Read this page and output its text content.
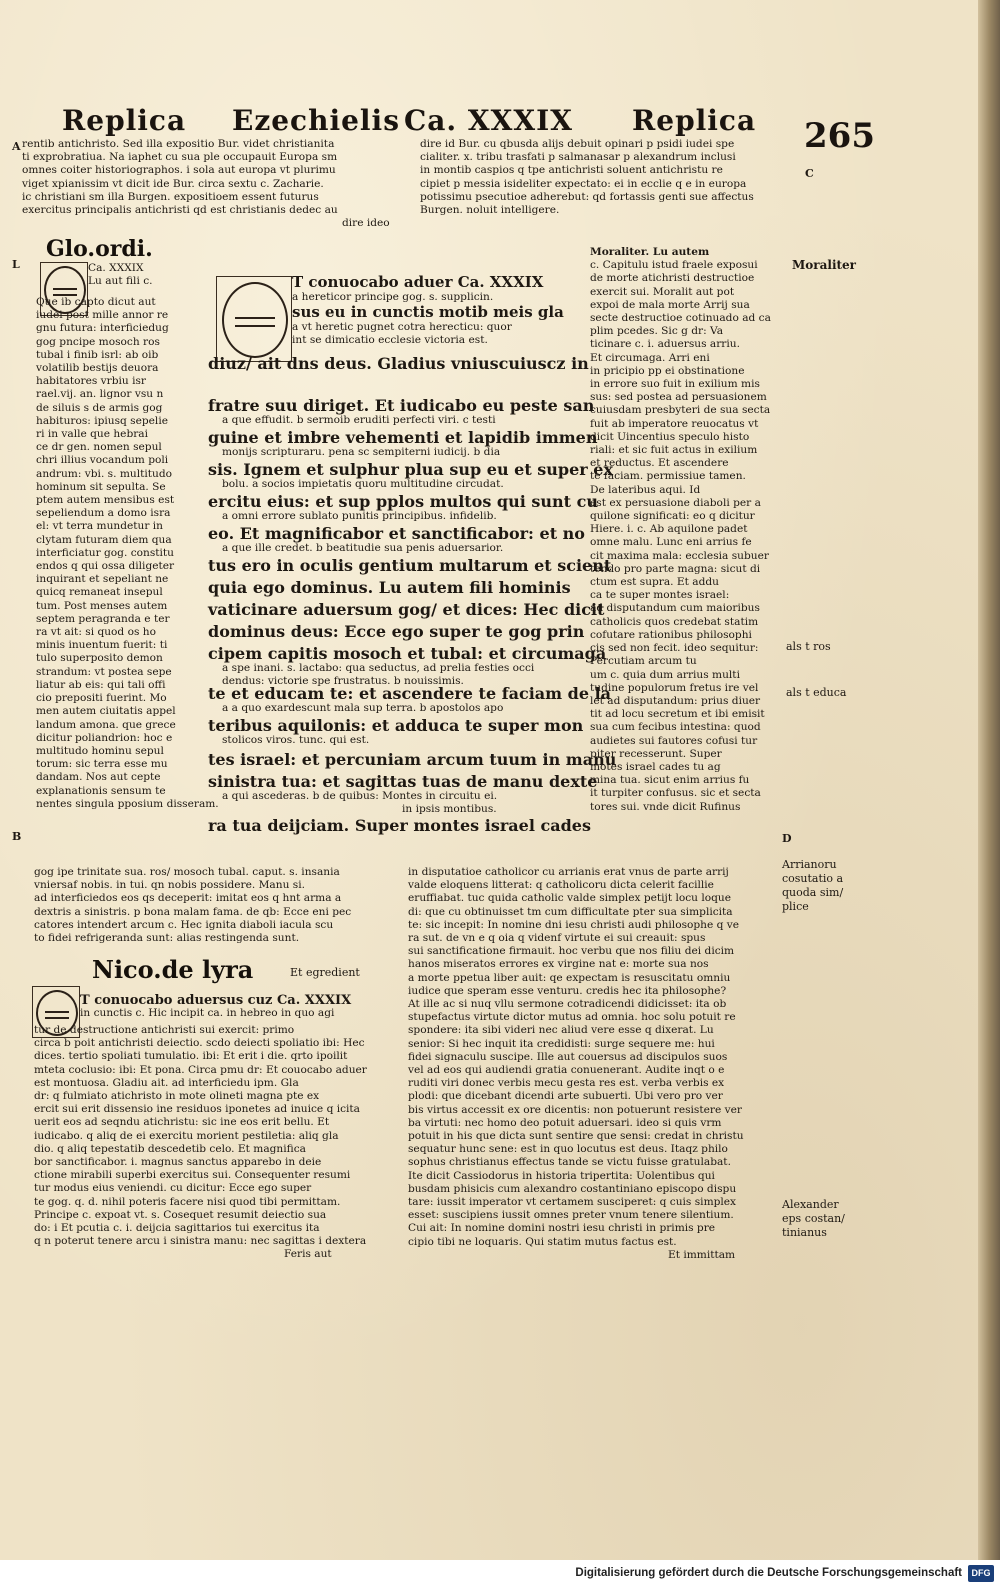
Replica Ezechielis Ca. XXXIX Replica 265

rentib antichristo. Sed illa expositio Bur. videt christianita

ti exprobratiua. Na iaphet cu sua ple occupauit Europa sm

omnes coiter historiographos. i sola aut europa vt plurimu

viget xpianissim vt dicit ide Bur. circa sextu c. Zacharie.

ic christiani sm illa Burgen. expositioem essent futurus

exercitus principalis antichristi qd est christianis dedec au

dire ideo

dire id Bur. cu qbusda alijs debuit opinari p psidi iudei spe

cialiter. x. tribu trasfati p salmanasar p alexandrum inclusi

in montib caspios q tpe antichristi soluent antichristu re

cipiet p messia isideliter expectato: ei in ecclie q e in europa

potissimu psecutioe adherebut: qd fortassis genti sue affectus

Burgen. noluit intelligere.

A
C
L
B	D
Glo.ordi.

Ca. XXXIX

Lu aut fili c.

Que ib capto dicut aut

iudei post mille annor re

gnu futura: interficiedug

gog pncipe mosoch ros

tubal i finib isrl: ab oib

volatilib bestijs deuora

habitatores vrbiu isr

rael.vij. an. lignor vsu n

de siluis s de armis gog

habituros: ipiusq sepelie

ri in valle que hebrai

ce dr gen. nomen sepul

chri illius vocandum poli

andrum: vbi. s. multitudo

hominum sit sepulta. Se

ptem autem mensibus est

sepeliendum a domo isra

el: vt terra mundetur in

clytam futuram diem qua

interficiatur gog. constitu

endos q qui ossa diligeter

inquirant et sepeliant ne

quicq remaneat insepul

tum. Post menses autem

septem peragranda e ter

ra vt ait: si quod os ho

minis inuentum fuerit: ti

tulo superposito demon

strandum: vt postea sepe

liatur ab eis: qui tali offi

cio prepositi fuerint. Mo

men autem ciuitatis appel

landum amona. que grece

dicitur poliandrion: hoc e

multitudo hominu sepul

torum: sic terra esse mu

dandam. Nos aut cepte

explanationis sensum te

nentes singula pposium disseram.

T conuocabo aduer Ca. XXXIX

a hereticor principe gog. s. supplicin.

sus eu in cunctis motib meis gla

a vt heretic pugnet cotra herecticu: quor

int se dimicatio ecclesie victoria est.

diuz/ ait dns deus. Gladius vniuscuiuscz in

fratre suu diriget. Et iudicabo eu peste san

a que effudit. b sermoib eruditi perfecti viri. c testi

guine et imbre vehementi et lapidib immen

monijs scripturaru. pena sc sempiterni iudicij. b dia

sis. Ignem et sulphur plua sup eu et super ex

bolu. a socios impietatis quoru multitudine circudat.

ercitu eius: et sup pplos multos qui sunt cu

a omni errore sublato punitis principibus. infidelib.

eo. Et magnificabor et sanctificabor: et no

a que ille credet. b beatitudie sua penis aduersarior.

tus ero in oculis gentium multarum et scient

quia ego dominus. Lu autem fili hominis

vaticinare aduersum gog/ et dices: Hec dicit

dominus deus: Ecce ego super te gog prin

cipem capitis mosoch et tubal: et circumaga

a spe inani. s. lactabo: qua seductus, ad prelia festies occi

dendus: victorie spe frustratus. b nouissimis.

te et educam te: et ascendere te faciam de la

a a quo exardescunt mala sup terra. b apostolos apo

teribus aquilonis: et adduca te super mon

stolicos viros. tunc. qui est.

tes israel: et percuniam arcum tuum in manu

sinistra tua: et sagittas tuas de manu dexte

a qui ascederas. b de quibus: Montes in circuitu ei.

in ipsis montibus.

ra tua deijciam. Super montes israel cades

Moraliter. Lu autem

c. Capitulu istud fraele exposui

de morte atichristi destructioe

exercit sui. Moralit aut pot

expoi de mala morte Arrij sua

secte destructioe cotinuado ad ca

plim pcedes. Sic g dr: Va

ticinare c. i. aduersus arriu.

Et circumaga. Arri eni

in pricipio pp ei obstinatione

in errore suo fuit in exilium mis

sus: sed postea ad persuasionem

cuiusdam presbyteri de sua secta

fuit ab imperatore reuocatus vt

dicit Uincentius speculo histo

riali: et sic fuit actus in exilium

et reductus. Et ascendere

te faciam. permissiue tamen.

De lateribus aqui. Id

est ex persuasione diaboli per a

quilone significati: eo q dicitur

Hiere. i. c. Ab aquilone padet

omne malu. Lunc eni arrius fe

cit maxima mala: ecclesia subuer

tendo pro parte magna: sicut di

ctum est supra. Et addu

ca te super montes israel:

ad disputandum cum maioribus

catholicis quos credebat statim

cofutare rationibus philosophi

cis sed non fecit. ideo sequitur:

Percutiam arcum tu

um c. quia dum arrius multi

tudine populorum fretus ire vel

let ad disputandum: prius diuer

tit ad locu secretum et ibi emisit

sua cum fecibus intestina: quod

audietes sui fautores cofusi tur

piter recesserunt. Super

motes israel cades tu ag

mina tua. sicut enim arrius fu

it turpiter confusus. sic et secta

tores sui. vnde dicit Rufinus

Moraliter
als t ros
als t educa
Arrianoru cosutatio a quoda sim/ plice
Alexander eps costan/ tinianus

gog ipe trinitate sua. ros/ mosoch tubal. caput. s. insania

vniersaf nobis. in tui. qn nobis possidere. Manu si.

ad interficiedos eos qs deceperit: imitat eos q hnt arma a

dextris a sinistris. p bona malam fama. de qb: Ecce eni pec

catores intendert arcum c. Hec ignita diaboli iacula scu

to fidei refrigeranda sunt: alias restingenda sunt.

Nico.de lyra	Et egredient

T conuocabo aduersus cuz Ca. XXXIX

in cunctis c. Hic incipit ca. in hebreo in quo agi

tur de destructione antichristi sui exercit: primo

circa b poit antichristi deiectio. scdo deiecti spoliatio ibi: Hec

dices. tertio spoliati tumulatio. ibi: Et erit i die. qrto ipoilit

mteta coclusio: ibi: Et pona. Circa pmu dr: Et couocabo aduer

est montuosa. Gladiu ait. ad interficiedu ipm. Gla

dr: q fulmiato atichristo in mote olineti magna pte ex

ercit sui erit dissensio ine residuos iponetes ad inuice q icita

uerit eos ad seqndu atichristu: sic ine eos erit bellu. Et

iudicabo. q aliq de ei exercitu morient pestiletia: aliq gla

dio. q aliq tepestatib descedetib celo. Et magnifica

bor sanctificabor. i. magnus sanctus apparebo in deie

ctione mirabili superbi exercitus sui. Consequenter resumi

tur modus eius veniendi. cu dicitur: Ecce ego super

te gog. q. d. nihil poteris facere nisi quod tibi permittam.

Principe c. expoat vt. s. Cosequet resumit deiectio sua

do: i Et pcutia c. i. deijcia sagittarios tui exercitus ita

q n poterut tenere arcu i sinistra manu: nec sagittas i dextera

Feris aut

in disputatioe catholicor cu arrianis erat vnus de parte arrij

valde eloquens litterat: q catholicoru dicta celerit facillie

eruffiabat. tuc quida catholic valde simplex petijt locu loque

di: que cu obtinuisset tm cum difficultate pter sua simplicita

te: sic incepit: In nomine dni iesu christi audi philosophe q ve

ra sut. de vn e q oia q videnf virtute ei sui creauit: spus

sui sanctificatione firmauit. hoc verbu que nos filiu dei dicim

hanos miseratos errores ex virgine nat e: morte sua nos

a morte ppetua liber auit: qe expectam is resuscitatu omniu

iudice que speram esse venturu. credis hec ita philosophe?

At ille ac si nuq vllu sermone cotradicendi didicisset: ita ob

stupefactus virtute dictor mutus ad omnia. hoc solu potuit re

spondere: ita sibi videri nec aliud vere esse q dixerat. Lu

senior: Si hec inquit ita credidisti: surge sequere me: hui

fidei signaculu suscipe. Ille aut couersus ad discipulos suos

vel ad eos qui audiendi gratia conuenerant. Audite inqt o e

ruditi viri donec verbis mecu gesta res est. verba verbis ex

plodi: que dicebant dicendi arte subuerti. Ubi vero pro ver

bis virtus accessit ex ore dicentis: non potuerunt resistere ver

ba virtuti: nec homo deo potuit aduersari. ideo si quis vrm

potuit in his que dicta sunt sentire que sensi: credat in christu

sequatur hunc sene: est in quo locutus est deus. Itaqz philo

sophus christianus effectus tande se victu fuisse gratulabat.

Ite dicit Cassiodorus in historia tripertita: Uolentibus qui

busdam phisicis cum alexandro costantiniano episcopo dispu

tare: iussit imperator vt certamem susciperet: q cuis simplex

esset: suscipiens iussit omnes preter vnum tenere silentium.

Cui ait: In nomine domini nostri iesu christi in primis pre

cipio tibi ne loquaris. Qui statim mutus factus est.

Et immittam

Digitalisierung gefördert durch die Deutsche Forschungsgemeinschaft	DFG
